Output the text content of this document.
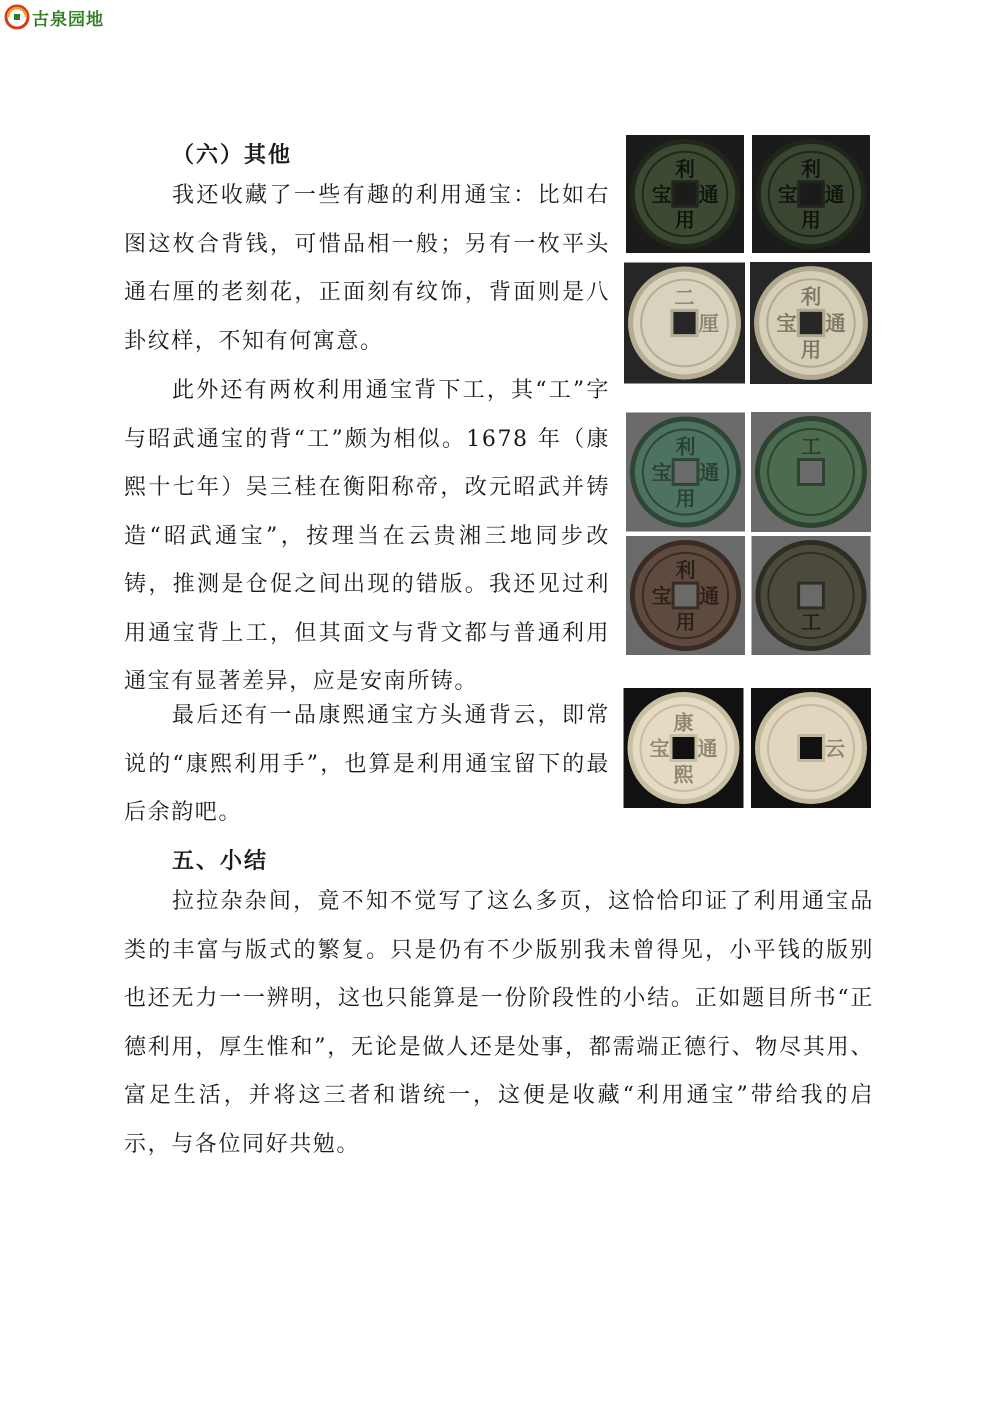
古泉园地
（六）其他

我还收藏了一些有趣的利用通宝：比如右图这枚合背钱，可惜品相一般；另有一枚平头通右厘的老刻花，正面刻有纹饰，背面则是八卦纹样，不知有何寓意。

此外还有两枚利用通宝背下工，其“工”字与昭武通宝的背“工”颇为相似。1678 年（康熙十七年）吴三桂在衡阳称帝，改元昭武并铸造“昭武通宝”，按理当在云贵湘三地同步改铸，推测是仓促之间出现的错版。我还见过利用通宝背上工，但其面文与背文都与普通利用通宝有显著差异，应是安南所铸。

最后还有一品康熙通宝方头通背云，即常说的“康熙利用手”，也算是利用通宝留下的最后余韵吧。

五、小结

拉拉杂杂间，竟不知不觉写了这么多页，这恰恰印证了利用通宝品类的丰富与版式的繁复。只是仍有不少版别我未曾得见，小平钱的版别也还无力一一辨明，这也只能算是一份阶段性的小结。正如题目所书“正德利用，厚生惟和”，无论是做人还是处事，都需端正德行、物尽其用、富足生活，并将这三者和谐统一，这便是收藏“利用通宝”带给我的启示，与各位同好共勉。

利
通
用
宝
利
通
用
宝
二
厘
利
通
用
宝
利
通
用
宝
工
利
通
用
宝
工
康
通
熙
宝	云
